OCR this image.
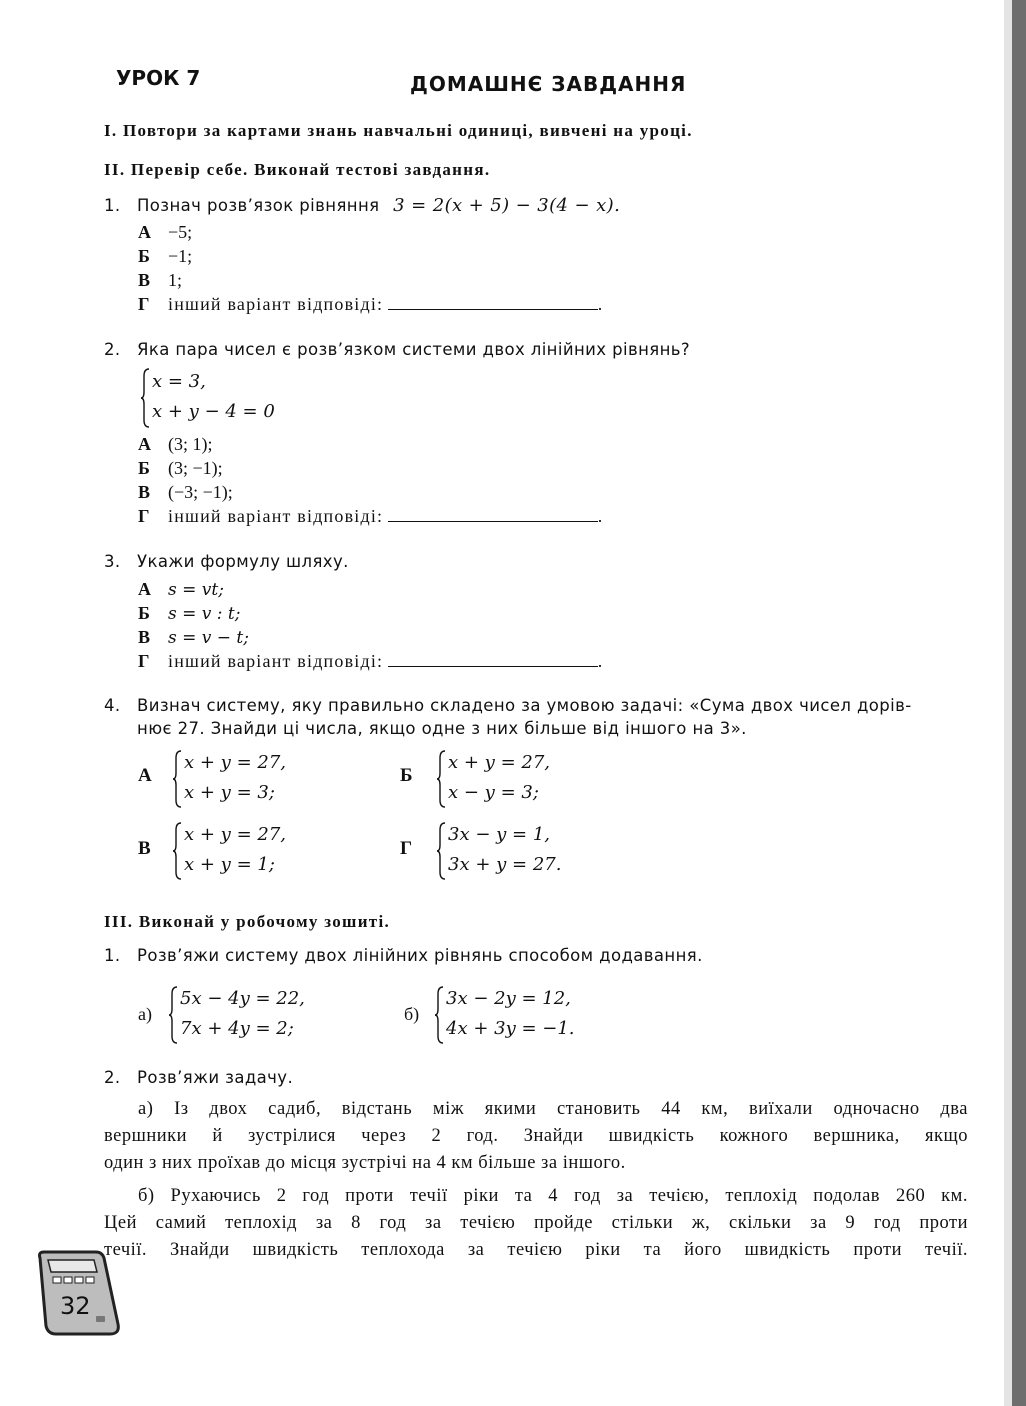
УРОК 7	ДОМАШНЄ ЗАВДАННЯ
I. Повтори за картами знань навчальні одиниці, вивчені на уроці.
II. Перевір себе. Виконай тестові завдання.
1. Познач розв’язок рівняння 3 = 2(x + 5) − 3(4 − x).
А −5;
Б −1;
В 1;
Г інший варіант відповіді:	.
2. Яка пара чисел є розв’язком системи двох лінійних рівнянь?
x = 3,
x + y − 4 = 0
А (3; 1);
Б (3; −1);
В (−3; −1);
Г інший варіант відповіді:	.
3. Укажи формулу шляху.
А s = vt;
Б s = v : t;
В s = v − t;
Г інший варіант відповіді:	.
4. Визнач систему, яку правильно складено за умовою задачі: «Сума двох чисел дорів-
нює 27. Знайди ці числа, якщо одне з них більше від іншого на 3».
А
x + y = 27,
x + y = 3;
Б
x + y = 27,
x − y = 3;
В
x + y = 27,
x + y = 1;
Г
3x − y = 1,
3x + y = 27.
III. Виконай у робочому зошиті.
1. Розв’яжи систему двох лінійних рівнянь способом додавання.
а)
5x − 4y = 22,
7x + 4y = 2;
б)
3x − 2y = 12,
4x + 3y = −1.
2. Розв’яжи задачу.
а) Із двох садиб, відстань між якими становить 44 км, виїхали одночасно два
вершники й зустрілися через 2 год. Знайди швидкість кожного вершника, якщо
один з них проїхав до місця зустрічі на 4 км більше за іншого.
б) Рухаючись 2 год проти течії ріки та 4 год за течією, теплохід подолав 260 км.
Цей самий теплохід за 8 год за течією пройде стільки ж, скільки за 9 год проти
течії. Знайди швидкість теплохода за течією ріки та його швидкість проти течії.
32
